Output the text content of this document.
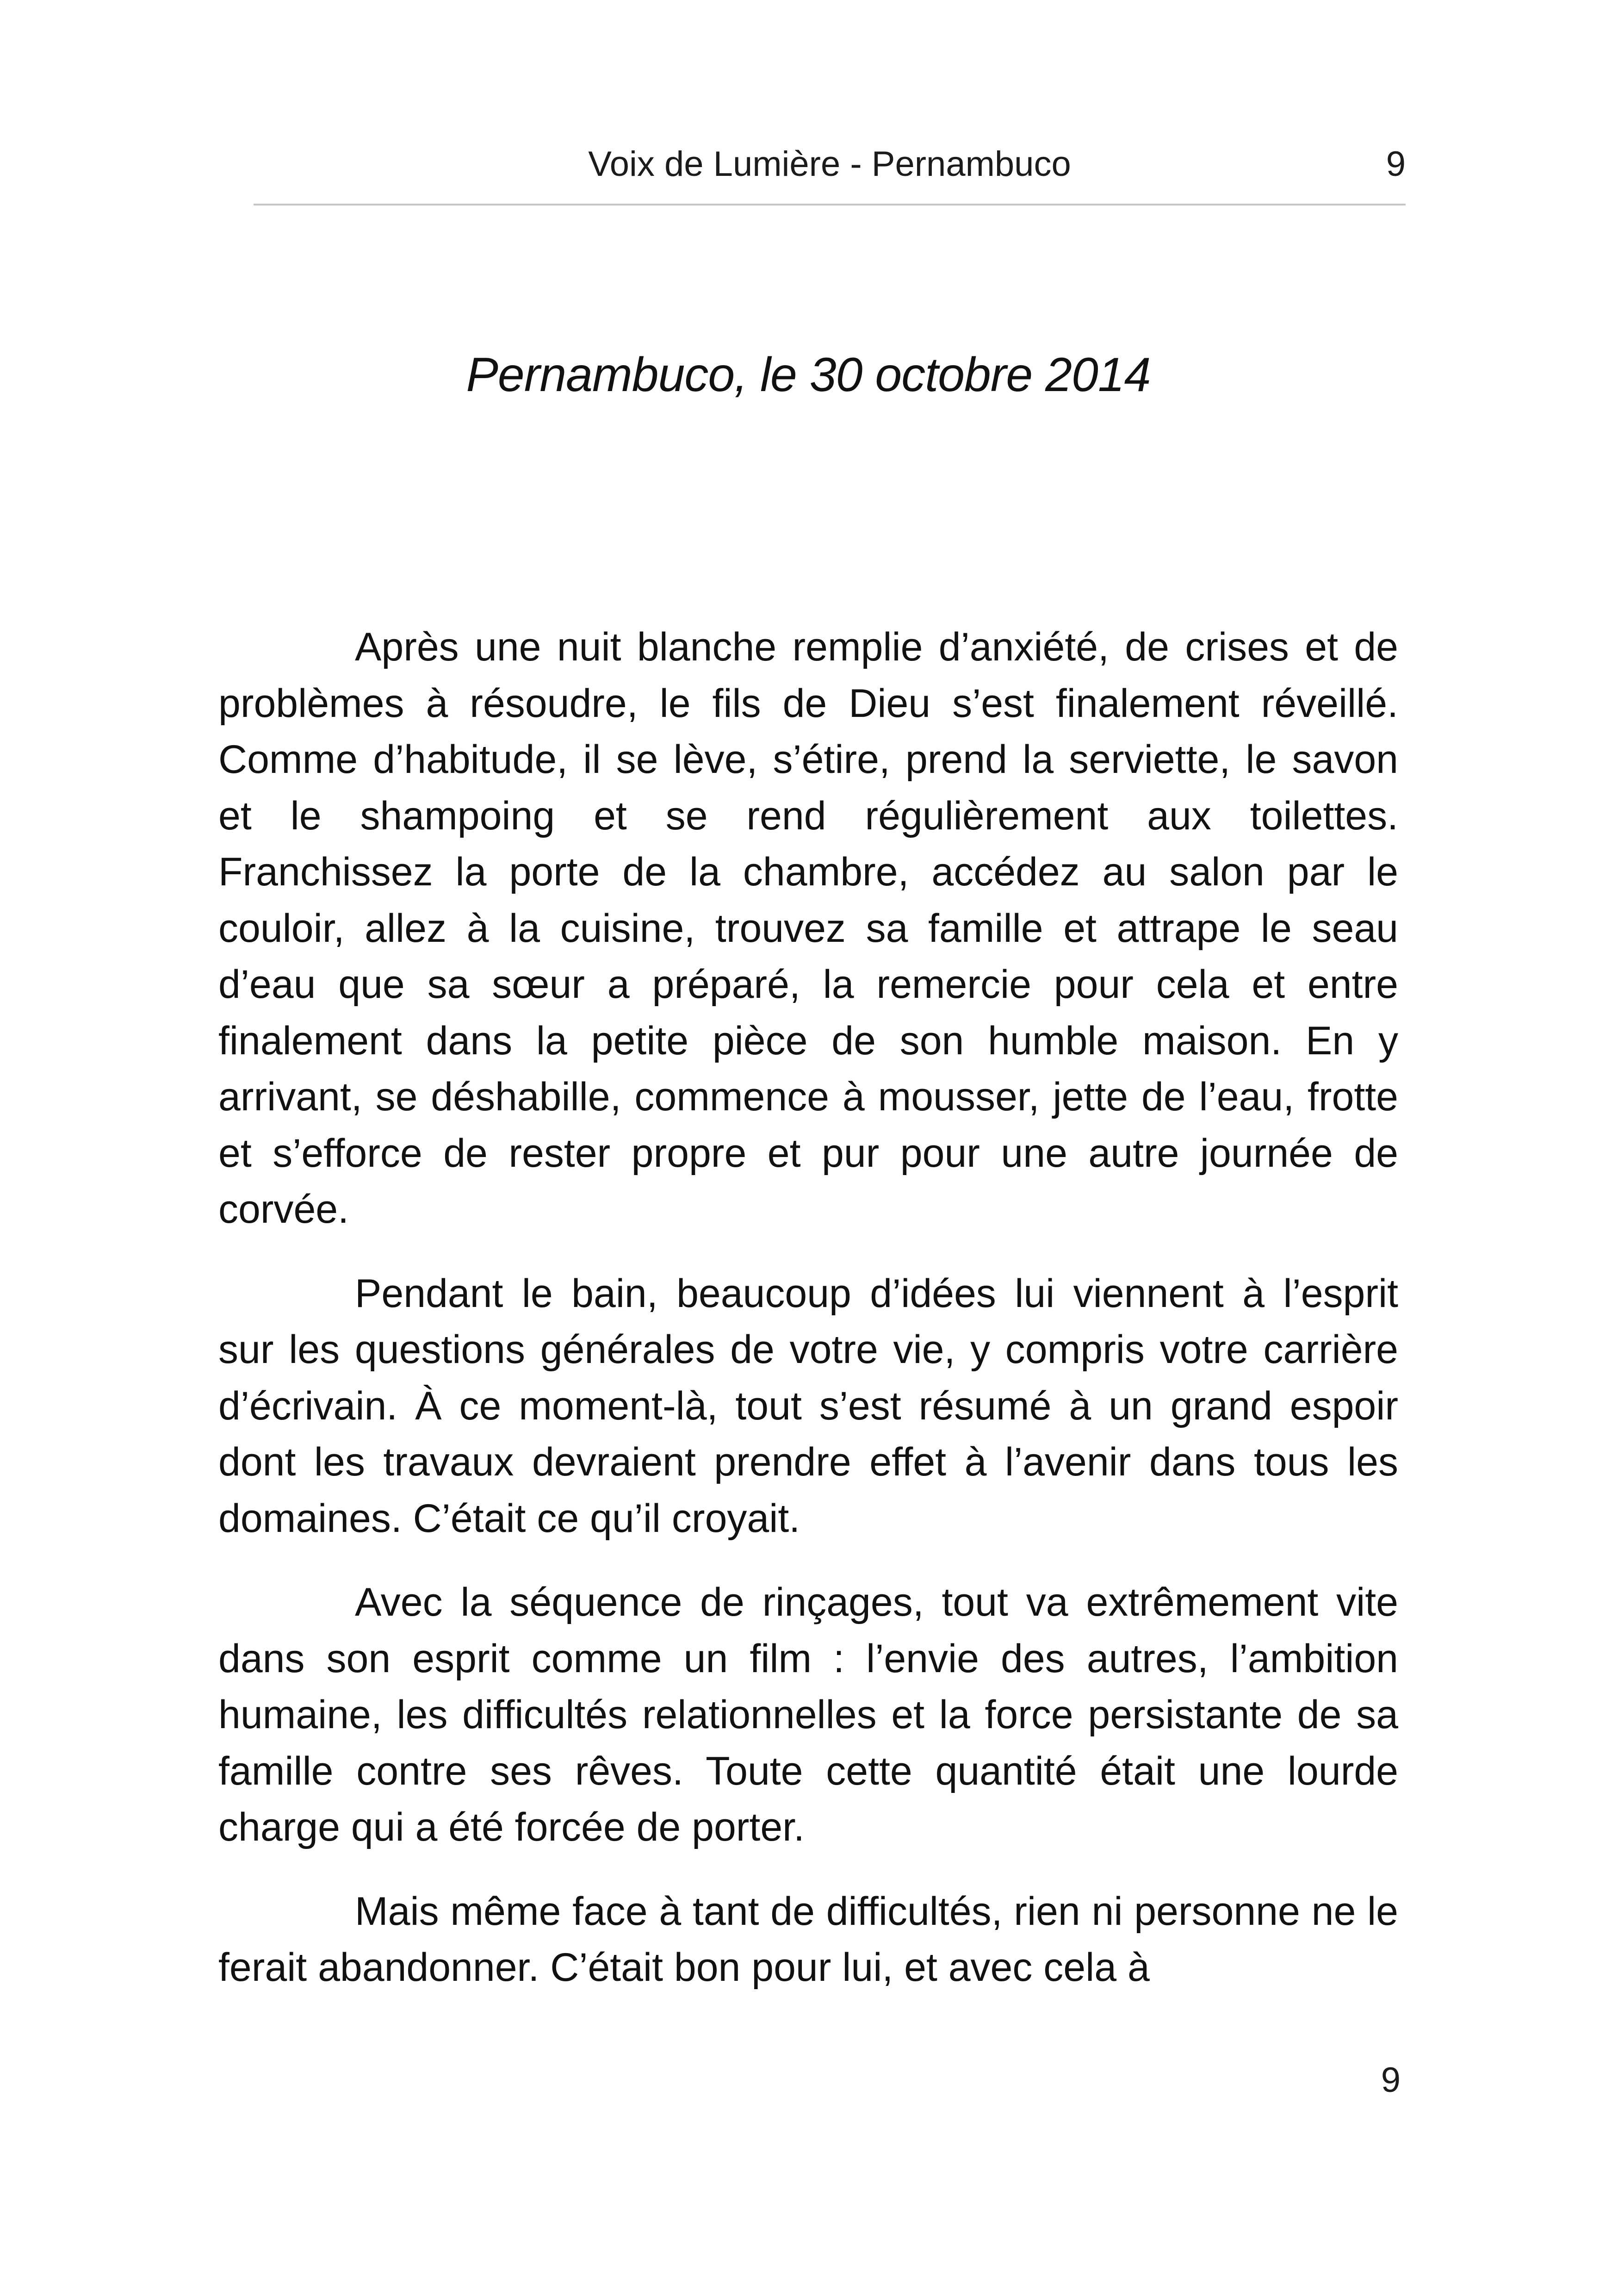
Voix de Lumière - Pernambuco	9
Pernambuco, le 30 octobre 2014

Après une nuit blanche remplie d’anxiété, de crises et de problèmes à résoudre, le fils de Dieu s’est finalement réveillé. Comme d’habitude, il se lève, s’étire, prend la serviette, le savon et le shampoing et se rend régulièrement aux toilettes. Franchissez la porte de la chambre, accédez au salon par le couloir, allez à la cuisine, trouvez sa famille et attrape le seau d’eau que sa sœur a préparé, la remercie pour cela et entre finalement dans la petite pièce de son humble maison. En y arrivant, se déshabille, commence à mousser, jette de l’eau, frotte et s’efforce de rester propre et pur pour une autre journée de corvée.

Pendant le bain, beaucoup d’idées lui viennent à l’esprit sur les questions générales de votre vie, y compris votre carrière d’écrivain. À ce moment-là, tout s’est résumé à un grand espoir dont les travaux devraient prendre effet à l’avenir dans tous les domaines. C’était ce qu’il croyait.

Avec la séquence de rinçages, tout va extrêmement vite dans son esprit comme un film : l’envie des autres, l’ambition humaine, les difficultés relationnelles et la force persistante de sa famille contre ses rêves. Toute cette quantité était une lourde charge qui a été forcée de porter.

Mais même face à tant de difficultés, rien ni personne ne le ferait abandonner. C’était bon pour lui, et avec cela à

9
